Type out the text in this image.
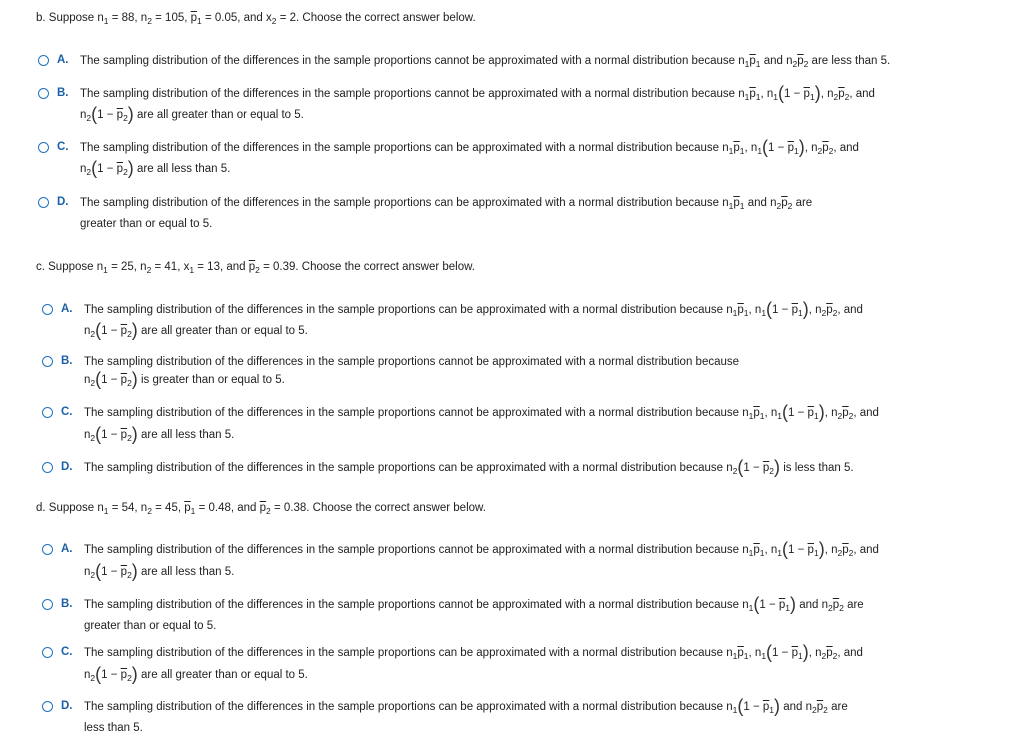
b. Suppose $n_1 = 88$, $n_2 = 105$, $\overline{p}_1 = 0.05$, and $x_2 = 2$. Choose the correct answer below.
A. The sampling distribution of the differences in the sample proportions cannot be approximated with a normal distribution because $n_1\overline{p}_1$ and $n_2\overline{p}_2$ are less than 5.
B. The sampling distribution of the differences in the sample proportions cannot be approximated with a normal distribution because $n_1\overline{p}_1$, $n_1(1 - \overline{p}_1)$, $n_2\overline{p}_2$, and
$n_2(1 - \overline{p}_2)$ are all greater than or equal to 5.
C. The sampling distribution of the differences in the sample proportions can be approximated with a normal distribution because $n_1\overline{p}_1$, $n_1(1 - \overline{p}_1)$, $n_2\overline{p}_2$, and
$n_2(1 - \overline{p}_2)$ are all less than 5.
D. The sampling distribution of the differences in the sample proportions can be approximated with a normal distribution because $n_1\overline{p}_1$ and $n_2\overline{p}_2$ are
greater than or equal to 5.
c. Suppose $n_1 = 25$, $n_2 = 41$, $x_1 = 13$, and $\overline{p}_2 = 0.39$. Choose the correct answer below.
A. The sampling distribution of the differences in the sample proportions can be approximated with a normal distribution because $n_1\overline{p}_1$, $n_1(1 - \overline{p}_1)$, $n_2\overline{p}_2$, and
$n_2(1 - \overline{p}_2)$ are all greater than or equal to 5.
B. The sampling distribution of the differences in the sample proportions cannot be approximated with a normal distribution because
$n_2(1 - \overline{p}_2)$ is greater than or equal to 5.
C. The sampling distribution of the differences in the sample proportions cannot be approximated with a normal distribution because $n_1\overline{p}_1$, $n_1(1 - \overline{p}_1)$, $n_2\overline{p}_2$, and
$n_2(1 - \overline{p}_2)$ are all less than 5.
D. The sampling distribution of the differences in the sample proportions can be approximated with a normal distribution because $n_2(1 - \overline{p}_2)$ is less than 5.
d. Suppose $n_1 = 54$, $n_2 = 45$, $\overline{p}_1 = 0.48$, and $\overline{p}_2 = 0.38$. Choose the correct answer below.
A. The sampling distribution of the differences in the sample proportions cannot be approximated with a normal distribution because $n_1\overline{p}_1$, $n_1(1 - \overline{p}_1)$, $n_2\overline{p}_2$, and
$n_2(1 - \overline{p}_2)$ are all less than 5.
B. The sampling distribution of the differences in the sample proportions cannot be approximated with a normal distribution because $n_1(1 - \overline{p}_1)$ and $n_2\overline{p}_2$ are
greater than or equal to 5.
C. The sampling distribution of the differences in the sample proportions can be approximated with a normal distribution because $n_1\overline{p}_1$, $n_1(1 - \overline{p}_1)$, $n_2\overline{p}_2$, and
$n_2(1 - \overline{p}_2)$ are all greater than or equal to 5.
D. The sampling distribution of the differences in the sample proportions can be approximated with a normal distribution because $n_1(1 - \overline{p}_1)$ and $n_2\overline{p}_2$ are
less than 5.
